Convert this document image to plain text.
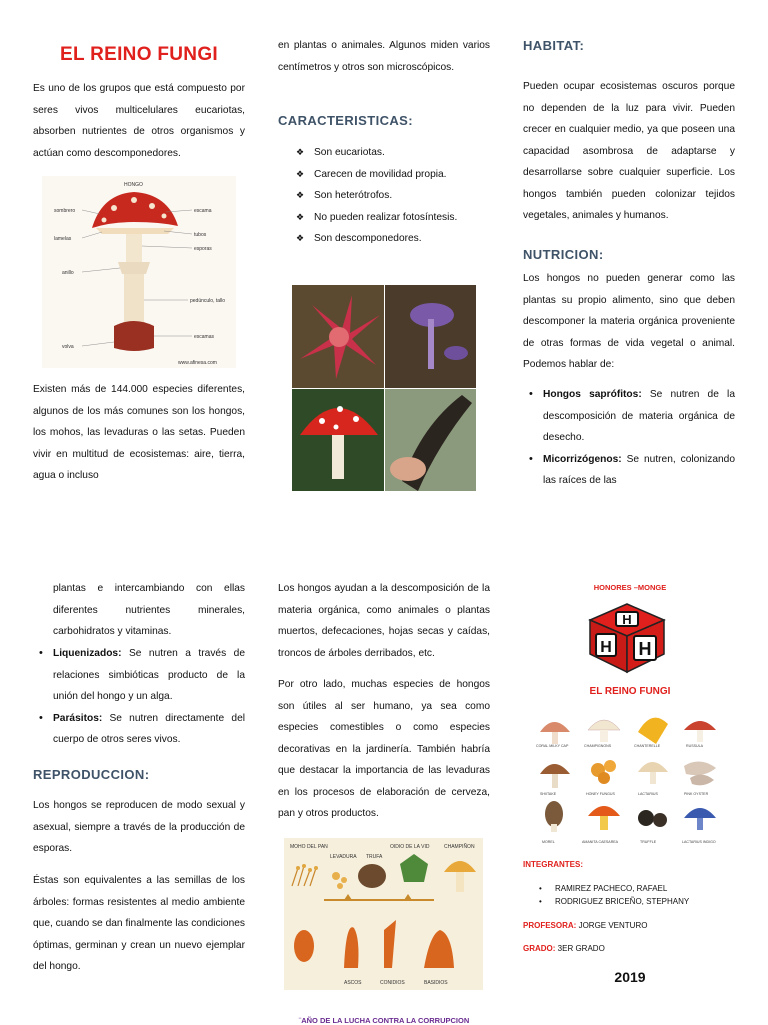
EL REINO FUNGI

Es uno de los grupos que está compuesto por seres vivos multicelulares eucariotas, absorben nutrientes de otros organismos y actúan como descomponedores.

HONGO
sombrero
lamelas
anillo
volva
escama
tubos
esporas
pedúnculo, tallo
escamas
www.afinesa.com

Existen más de 144.000 especies diferentes, algunos de los más comunes son los hongos, los mohos, las levaduras o las setas. Pueden vivir en multitud de ecosistemas: aire, tierra, agua o incluso

en plantas o animales. Algunos miden varios centímetros y otros son microscópicos.

CARACTERISTICAS:
❖ Son eucariotas.
❖ Carecen de movilidad propia.
❖ Son heterótrofos.
❖ No pueden realizar fotosíntesis.
❖ Son descomponedores.
HABITAT:

Pueden ocupar ecosistemas oscuros porque no dependen de la luz para vivir. Pueden crecer en cualquier medio, ya que poseen una capacidad asombrosa de adaptarse y desarrollarse sobre cualquier superficie. Los hongos también pueden colonizar tejidos vegetales, animales y humanos.

NUTRICION:

Los hongos no pueden generar como las plantas su propio alimento, sino que deben descomponer la materia orgánica proveniente de otras formas de vida vegetal o animal. Podemos hablar de:

• Hongos saprófitos: Se nutren de la descomposición de materia orgánica de desecho.
• Micorrizógenos: Se nutren, colonizando las raíces de las

plantas e intercambiando con ellas diferentes nutrientes minerales, carbohidratos y vitaminas.

• Liquenizados: Se nutren a través de relaciones simbióticas producto de la unión del hongo y un alga.
• Parásitos: Se nutren directamente del cuerpo de otros seres vivos.
REPRODUCCION:

Los hongos se reproducen de modo sexual y asexual, siempre a través de la producción de esporas.

Éstas son equivalentes a las semillas de los árboles: formas resistentes al medio ambiente que, cuando se dan finalmente las condiciones óptimas, germinan y crean un nuevo ejemplar del hongo.

Los hongos ayudan a la descomposición de la materia orgánica, como animales o plantas muertos, defecaciones, hojas secas y caídas, troncos de árboles derribados, etc.

Por otro lado, muchas especies de hongos son útiles al ser humano, ya sea como especies comestibles o como especies decorativas en la jardinería. También habría que destacar la importancia de las levaduras en los procesos de elaboración de cerveza, pan y otros productos.

MOHO DEL PAN
LEVADURA TRUFA
OIDIO DE LA VID	CHAMPIÑON
ASCOS	CONIDIOS	BASIDIOS
HONORES –MONGE
H
H H
EL REINO FUNGI
CORAL MILKY CAP	CHAMPIGNONS	CHANTERELLE	RUSSULA
SHIITAKE	HONEY FUNGUS	LACTARIUS	PINK OYSTER
MOREL	AMANITA CAESAREA	TRUFFLE	LACTARIUS INDIGO
INTEGRANTES:
• RAMIREZ PACHECO, RAFAEL
• RODRIGUEZ BRICEÑO, STEPHANY
PROFESORA: JORGE VENTURO
GRADO: 3ER GRADO
2019
¨AÑO DE LA LUCHA CONTRA LA CORRUPCION
